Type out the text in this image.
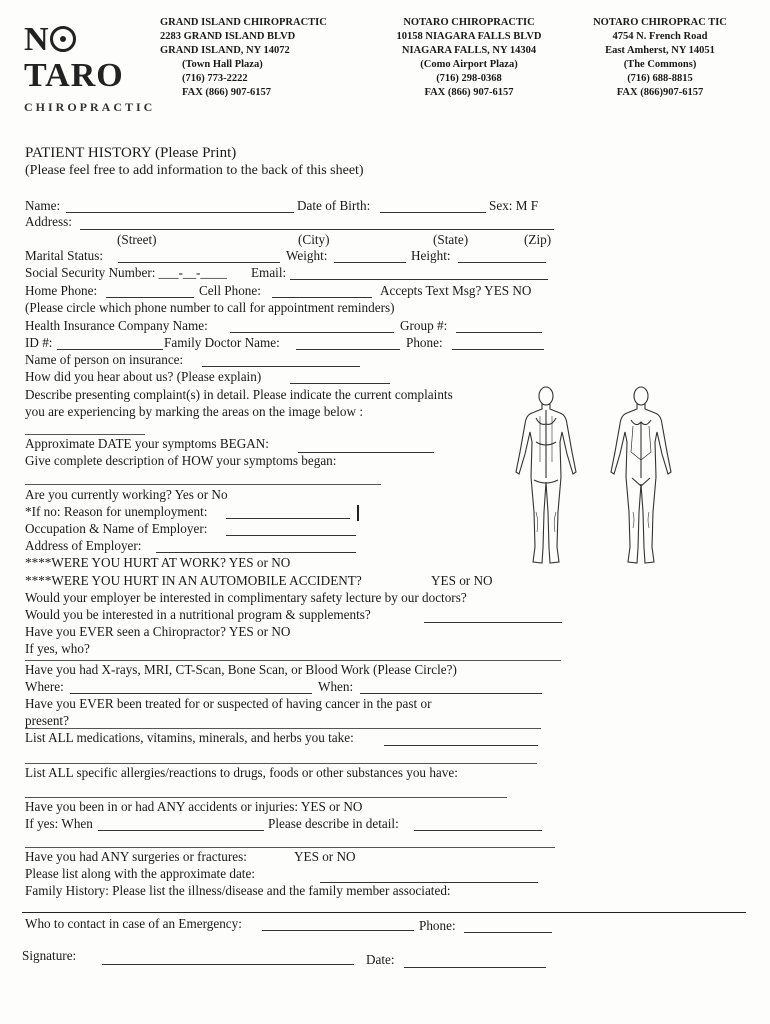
NTARO
CHIROPRACTIC
GRAND ISLAND CHIROPRACTIC
2283 GRAND ISLAND BLVD
GRAND ISLAND, NY 14072
(Town Hall Plaza)
(716) 773-2222
FAX (866) 907-6157
NOTARO CHIROPRACTIC
10158 NIAGARA FALLS BLVD
NIAGARA FALLS, NY 14304
(Como Airport Plaza)
(716) 298-0368
FAX (866) 907-6157
NOTARO CHIROPRAC TIC
4754 N. French Road
East Amherst, NY 14051
(The Commons)
(716) 688-8815
FAX (866)907-6157
PATIENT HISTORY (Please Print)
(Please feel free to add information to the back of this sheet)
Name:	Date of Birth:	Sex: M F
Address:
(Street)	(City)	(State)	(Zip)
Marital Status:	Weight:	Height:
Social Security Number: ___-__-____ Email:
Home Phone:	Cell Phone:	Accepts Text Msg? YES NO
(Please circle which phone number to call for appointment reminders)
Health Insurance Company Name:	Group #:
ID #:	Family Doctor Name:	Phone:
Name of person on insurance:
How did you hear about us? (Please explain)
Describe presenting complaint(s) in detail. Please indicate the current complaints
you are experiencing by marking the areas on the image below :
Approximate DATE your symptoms BEGAN:
Give complete description of HOW your symptoms began:
Are you currently working? Yes or No
*If no: Reason for unemployment:
Occupation & Name of Employer:
Address of Employer:
****WERE YOU HURT AT WORK? YES or NO
****WERE YOU HURT IN AN AUTOMOBILE ACCIDENT?	YES or NO
Would your employer be interested in complimentary safety lecture by our doctors?
Would you be interested in a nutritional program & supplements?
Have you EVER seen a Chiropractor? YES or NO
If yes, who?
Have you had X-rays, MRI, CT-Scan, Bone Scan, or Blood Work (Please Circle?)
Where:	When:
Have you EVER been treated for or suspected of having cancer in the past or
present?
List ALL medications, vitamins, minerals, and herbs you take:
List ALL specific allergies/reactions to drugs, foods or other substances you have:
Have you been in or had ANY accidents or injuries: YES or NO
If yes: When	Please describe in detail:
Have you had ANY surgeries or fractures:	YES or NO
Please list along with the approximate date:
Family History: Please list the illness/disease and the family member associated:
Who to contact in case of an Emergency:	Phone:
Signature:	Date:
